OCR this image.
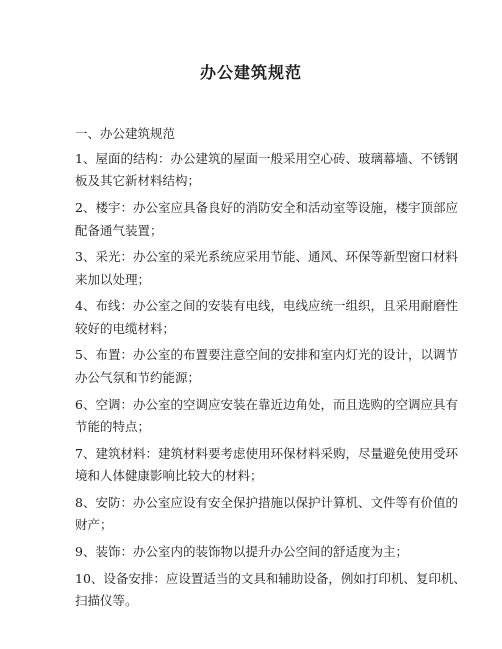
办公建筑规范
一、办公建筑规范
1、屋面的结构：办公建筑的屋面一般采用空心砖、玻璃幕墙、不锈钢
板及其它新材料结构；
2、楼宇：办公室应具备良好的消防安全和活动室等设施，楼宇顶部应
配备通气装置；
3、采光：办公室的采光系统应采用节能、通风、环保等新型窗口材料
来加以处理；
4、布线：办公室之间的安装有电线，电线应统一组织，且采用耐磨性
较好的电缆材料；
5、布置：办公室的布置要注意空间的安排和室内灯光的设计，以调节
办公气氛和节约能源；
6、空调：办公室的空调应安装在靠近边角处，而且选购的空调应具有
节能的特点；
7、建筑材料：建筑材料要考虑使用环保材料采购，尽量避免使用受环
境和人体健康影响比较大的材料；
8、安防：办公室应设有安全保护措施以保护计算机、文件等有价值的
财产；
9、装饰：办公室内的装饰物以提升办公空间的舒适度为主；
10、设备安排：应设置适当的文具和辅助设备，例如打印机、复印机、
扫描仪等。
